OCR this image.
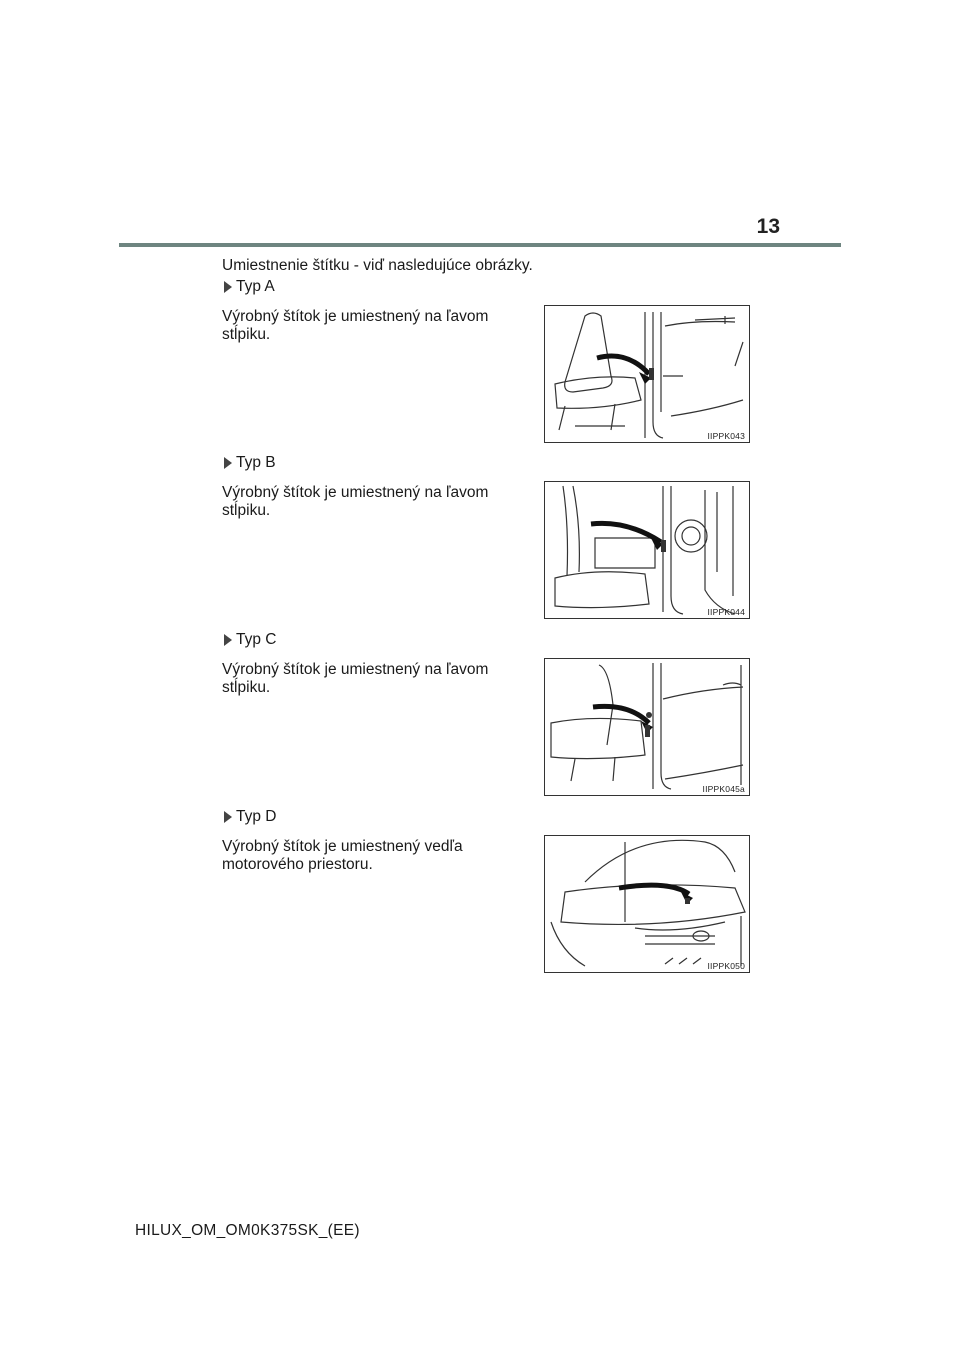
13
Umiestnenie štítku - viď nasledujúce obrázky.
Typ A
Výrobný štítok je umiestnený na ľavom stĺpiku.
IIPPK043
Typ B
Výrobný štítok je umiestnený na ľavom stĺpiku.
IIPPK044
Typ C
Výrobný štítok je umiestnený na ľavom stĺpiku.
IIPPK045a
Typ D
Výrobný štítok je umiestnený vedľa motorového priestoru.
IIPPK050
HILUX_OM_OM0K375SK_(EE)
